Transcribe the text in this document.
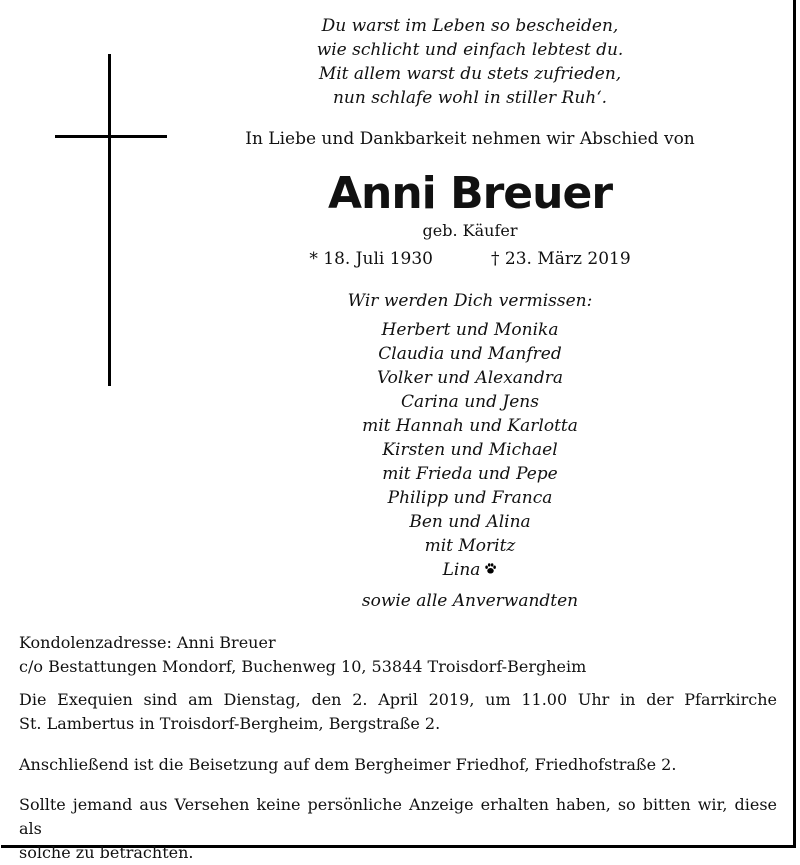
Du warst im Leben so bescheiden,
wie schlicht und einfach lebtest du.
Mit allem warst du stets zufrieden,
nun schlafe wohl in stiller Ruh‘.
In Liebe und Dankbarkeit nehmen wir Abschied von
Anni Breuer
geb. Käufer
* 18. Juli 1930	† 23. März 2019
Wir werden Dich vermissen:
Herbert und Monika
Claudia und Manfred
Volker und Alexandra
Carina und Jens
mit Hannah und Karlotta
Kirsten und Michael
mit Frieda und Pepe
Philipp und Franca
Ben und Alina
mit Moritz
Lina
sowie alle Anverwandten
Kondolenzadresse: Anni Breuer
c/o Bestattungen Mondorf, Buchenweg 10, 53844 Troisdorf-Bergheim
Die Exequien sind am Dienstag, den 2. April 2019, um 11.00 Uhr in der Pfarrkirche
St. Lambertus in Troisdorf-Bergheim, Bergstraße 2.
Anschließend ist die Beisetzung auf dem Bergheimer Friedhof, Friedhofstraße 2.
Sollte jemand aus Versehen keine persönliche Anzeige erhalten haben, so bitten wir, diese als
solche zu betrachten.
